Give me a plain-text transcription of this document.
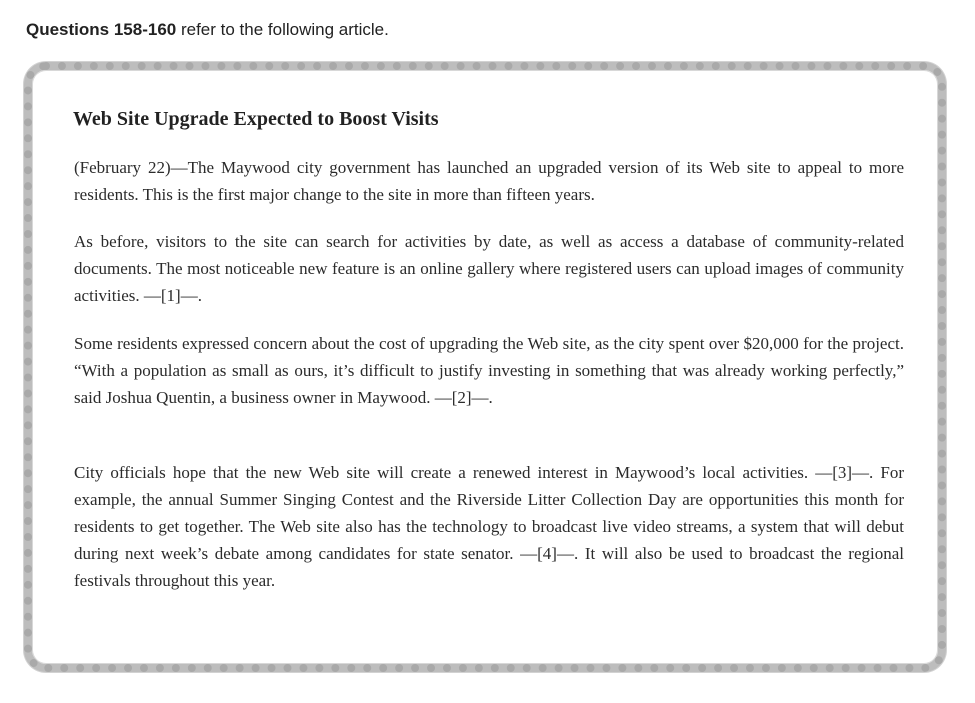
Questions 158-160 refer to the following article.
Web Site Upgrade Expected to Boost Visits

(February 22)—The Maywood city government has launched an upgraded version of its Web site to appeal to more residents. This is the first major change to the site in more than fifteen years.

As before, visitors to the site can search for activities by date, as well as access a database of community-related documents. The most noticeable new feature is an online gallery where registered users can upload images of community activities. —[1]—.

Some residents expressed concern about the cost of upgrading the Web site, as the city spent over $20,000 for the project. “With a population as small as ours, it’s difficult to justify investing in something that was already working perfectly,” said Joshua Quentin, a business owner in Maywood. —[2]—.

City officials hope that the new Web site will create a renewed interest in Maywood’s local activities. —[3]—. For example, the annual Summer Singing Contest and the Riverside Litter Collection Day are opportunities this month for residents to get together. The Web site also has the technology to broadcast live video streams, a system that will debut during next week’s debate among candidates for state senator. —[4]—. It will also be used to broadcast the regional festivals throughout this year.
